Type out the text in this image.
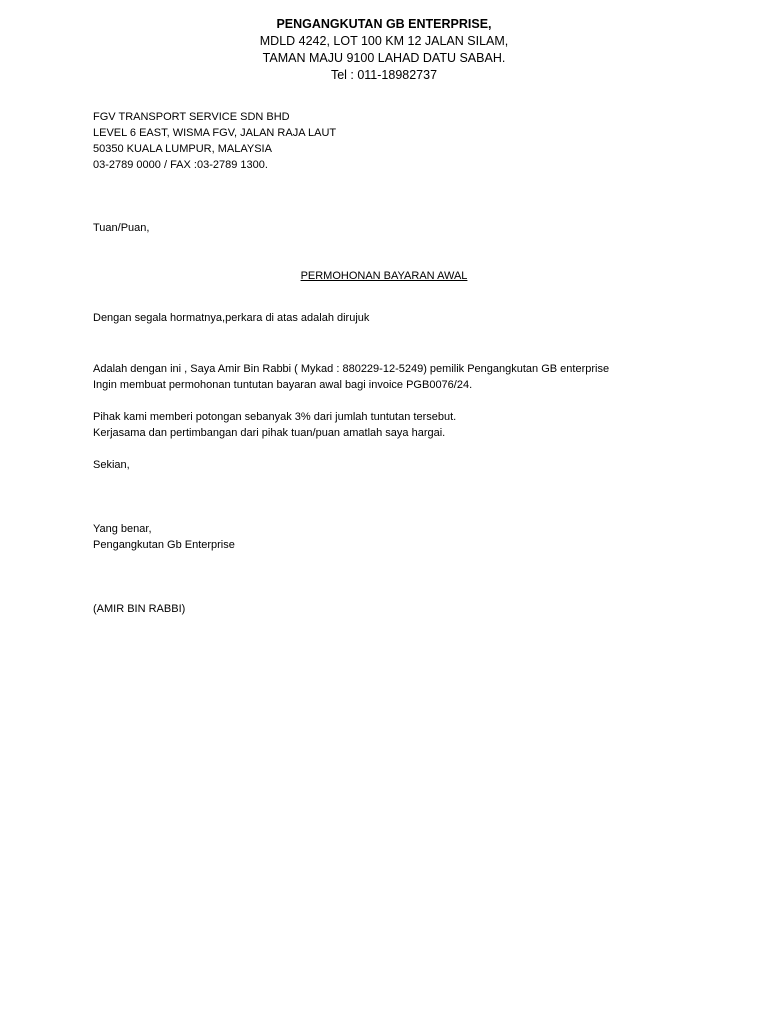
PENGANGKUTAN GB ENTERPRISE,
MDLD 4242, LOT 100 KM 12 JALAN SILAM,
TAMAN MAJU 9100 LAHAD DATU SABAH.
Tel : 011-18982737
FGV TRANSPORT SERVICE SDN BHD
LEVEL 6 EAST, WISMA FGV, JALAN RAJA LAUT
50350 KUALA LUMPUR, MALAYSIA
03-2789 0000 / FAX :03-2789 1300.
Tuan/Puan,
PERMOHONAN BAYARAN AWAL
Dengan segala hormatnya,perkara di atas adalah dirujuk
Adalah dengan ini , Saya Amir Bin Rabbi ( Mykad : 880229-12-5249) pemilik Pengangkutan GB enterprise
Ingin membuat permohonan tuntutan bayaran awal bagi invoice PGB0076/24.
Pihak kami memberi potongan sebanyak 3% dari jumlah tuntutan tersebut.
Kerjasama dan pertimbangan dari pihak tuan/puan amatlah saya hargai.
Sekian,
Yang benar,
Pengangkutan Gb Enterprise
(AMIR BIN RABBI)
